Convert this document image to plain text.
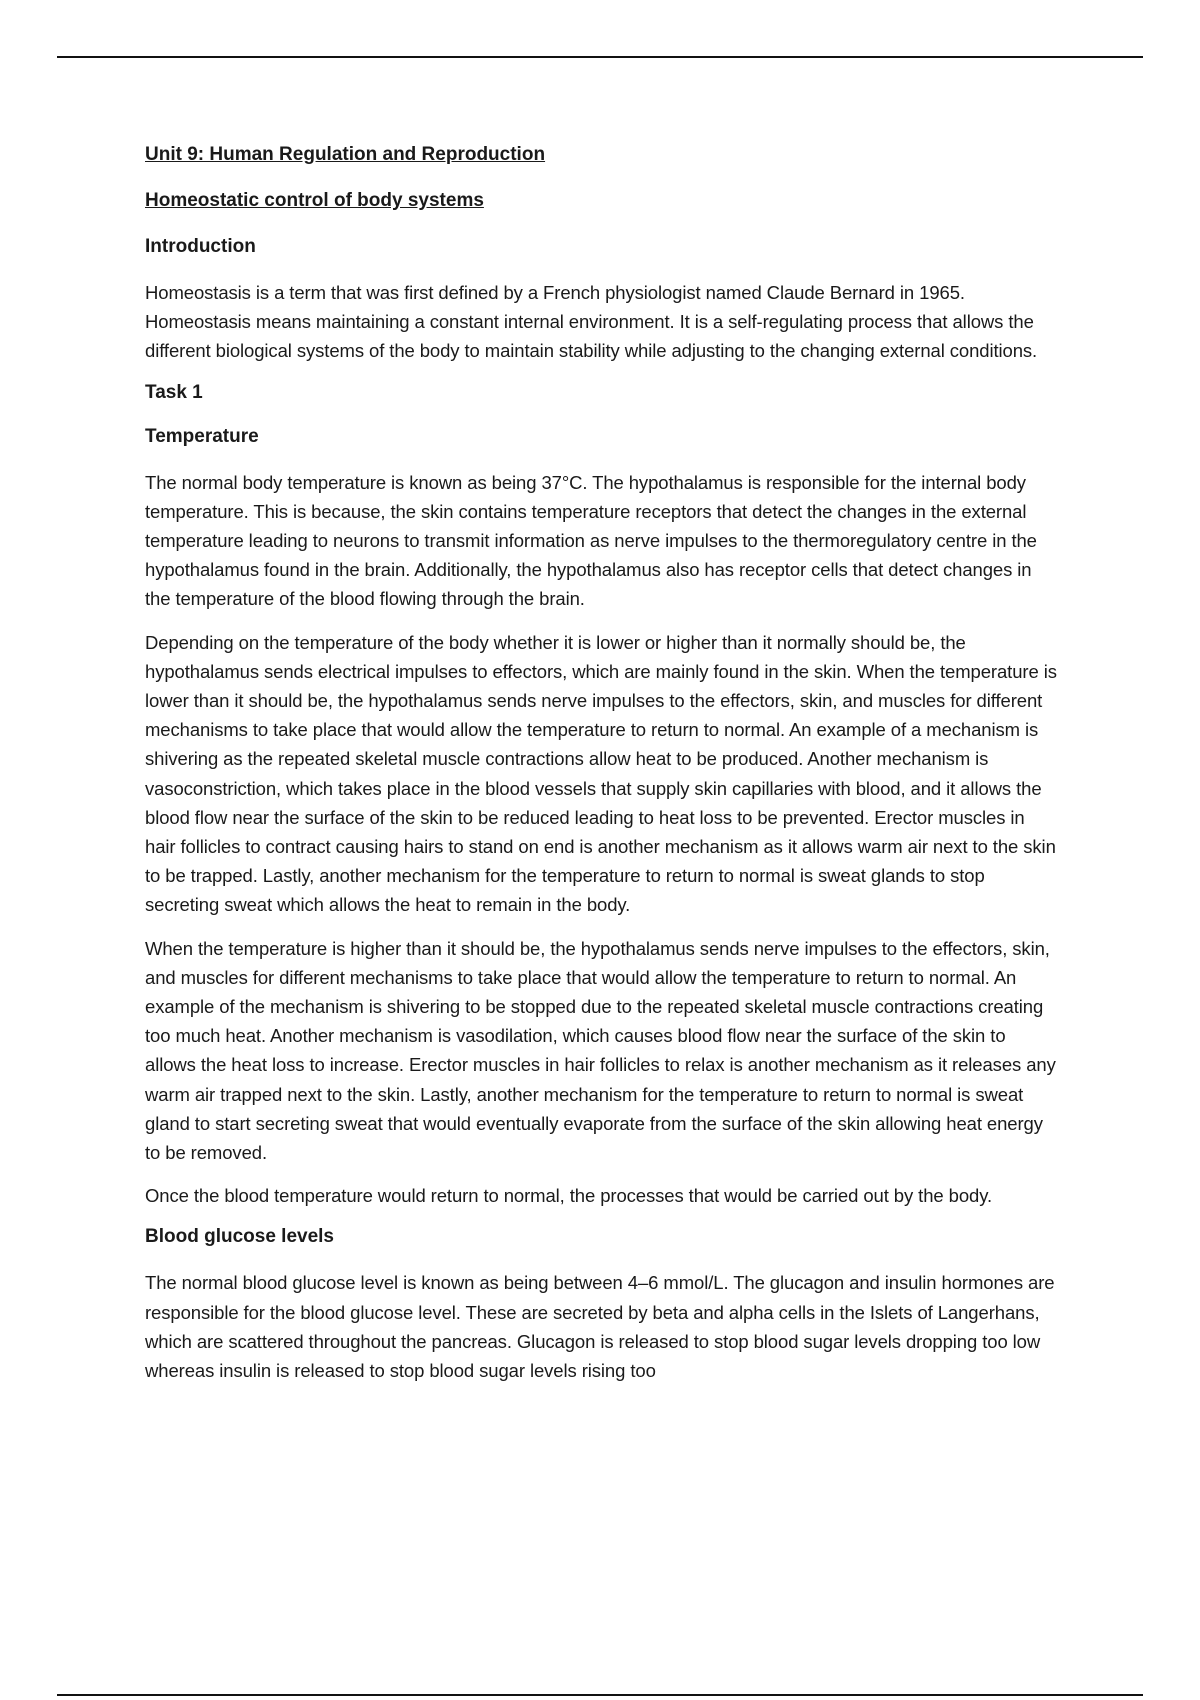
Unit 9: Human Regulation and Reproduction
Homeostatic control of body systems
Introduction

Homeostasis is a term that was first defined by a French physiologist named Claude Bernard in 1965. Homeostasis means maintaining a constant internal environment. It is a self-regulating process that allows the different biological systems of the body to maintain stability while adjusting to the changing external conditions.

Task 1
Temperature

The normal body temperature is known as being 37°C. The hypothalamus is responsible for the internal body temperature. This is because, the skin contains temperature receptors that detect the changes in the external temperature leading to neurons to transmit information as nerve impulses to the thermoregulatory centre in the hypothalamus found in the brain. Additionally, the hypothalamus also has receptor cells that detect changes in the temperature of the blood flowing through the brain.

Depending on the temperature of the body whether it is lower or higher than it normally should be, the hypothalamus sends electrical impulses to effectors, which are mainly found in the skin. When the temperature is lower than it should be, the hypothalamus sends nerve impulses to the effectors, skin, and muscles for different mechanisms to take place that would allow the temperature to return to normal. An example of a mechanism is shivering as the repeated skeletal muscle contractions allow heat to be produced. Another mechanism is vasoconstriction, which takes place in the blood vessels that supply skin capillaries with blood, and it allows the blood flow near the surface of the skin to be reduced leading to heat loss to be prevented. Erector muscles in hair follicles to contract causing hairs to stand on end is another mechanism as it allows warm air next to the skin to be trapped. Lastly, another mechanism for the temperature to return to normal is sweat glands to stop secreting sweat which allows the heat to remain in the body.

When the temperature is higher than it should be, the hypothalamus sends nerve impulses to the effectors, skin, and muscles for different mechanisms to take place that would allow the temperature to return to normal. An example of the mechanism is shivering to be stopped due to the repeated skeletal muscle contractions creating too much heat. Another mechanism is vasodilation, which causes blood flow near the surface of the skin to allows the heat loss to increase. Erector muscles in hair follicles to relax is another mechanism as it releases any warm air trapped next to the skin. Lastly, another mechanism for the temperature to return to normal is sweat gland to start secreting sweat that would eventually evaporate from the surface of the skin allowing heat energy to be removed.

Once the blood temperature would return to normal, the processes that would be carried out by the body.

Blood glucose levels

The normal blood glucose level is known as being between 4–6 mmol/L. The glucagon and insulin hormones are responsible for the blood glucose level. These are secreted by beta and alpha cells in the Islets of Langerhans, which are scattered throughout the pancreas. Glucagon is released to stop blood sugar levels dropping too low whereas insulin is released to stop blood sugar levels rising too
